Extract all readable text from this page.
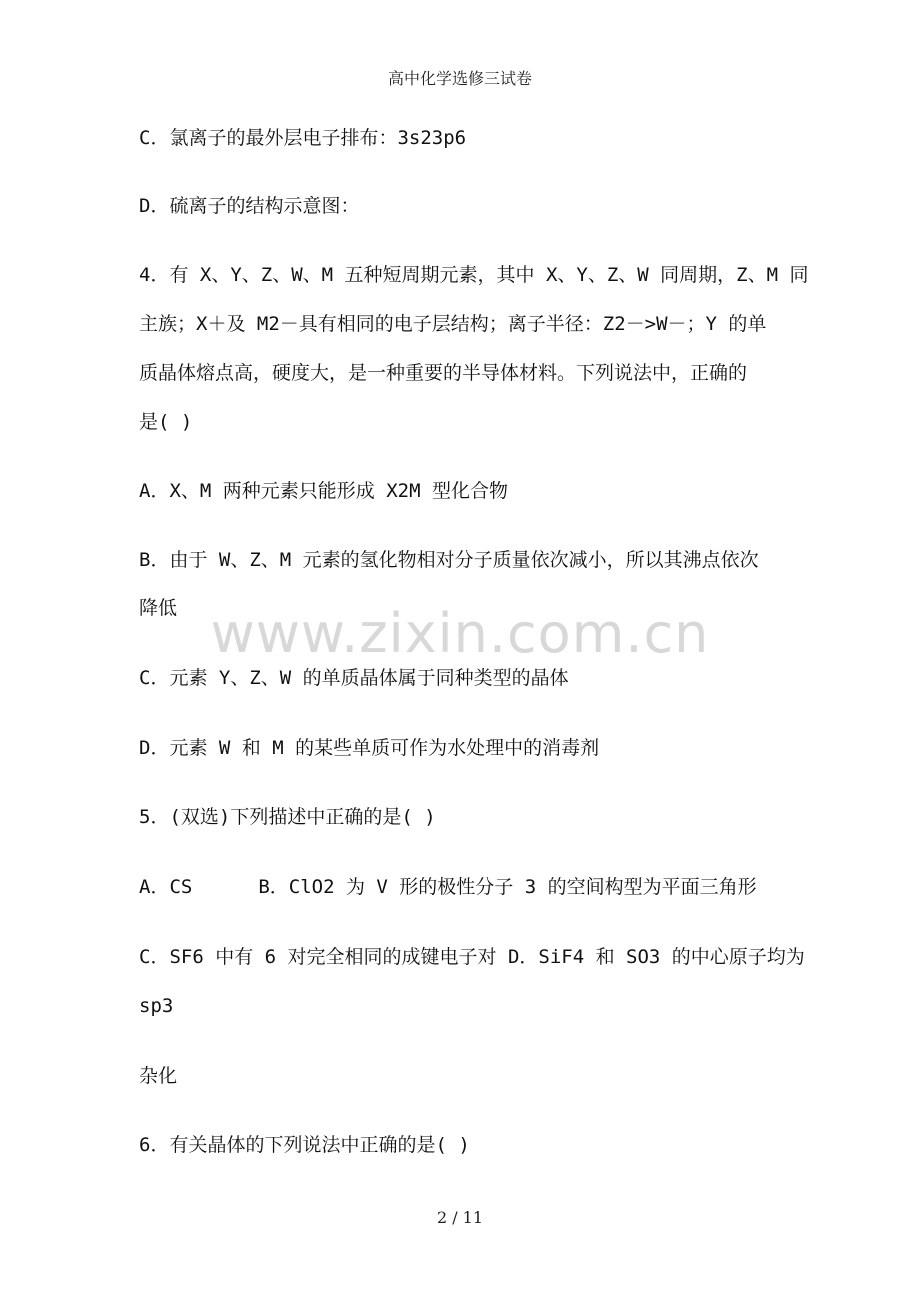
高中化学选修三试卷
www.zixin.com.cn
C．氯离子的最外层电子排布：3s23p6
D．硫离子的结构示意图：
4．有 X、Y、Z、W、M 五种短周期元素，其中 X、Y、Z、W 同周期，Z、M 同
主族；X＋及 M2－具有相同的电子层结构；离子半径：Z2－>W－；Y 的单
质晶体熔点高，硬度大，是一种重要的半导体材料。下列说法中，正确的
是( )
A．X、M 两种元素只能形成 X2M 型化合物
B．由于 W、Z、M 元素的氢化物相对分子质量依次减小，所以其沸点依次
降低
C．元素 Y、Z、W 的单质晶体属于同种类型的晶体
D．元素 W 和 M 的某些单质可作为水处理中的消毒剂
5．(双选)下列描述中正确的是( )
A．CS	B．ClO2 为 V 形的极性分子 3 的空间构型为平面三角形
C．SF6 中有 6 对完全相同的成键电子对 D．SiF4 和 SO3 的中心原子均为
sp3
杂化
6．有关晶体的下列说法中正确的是( )
2 / 11
